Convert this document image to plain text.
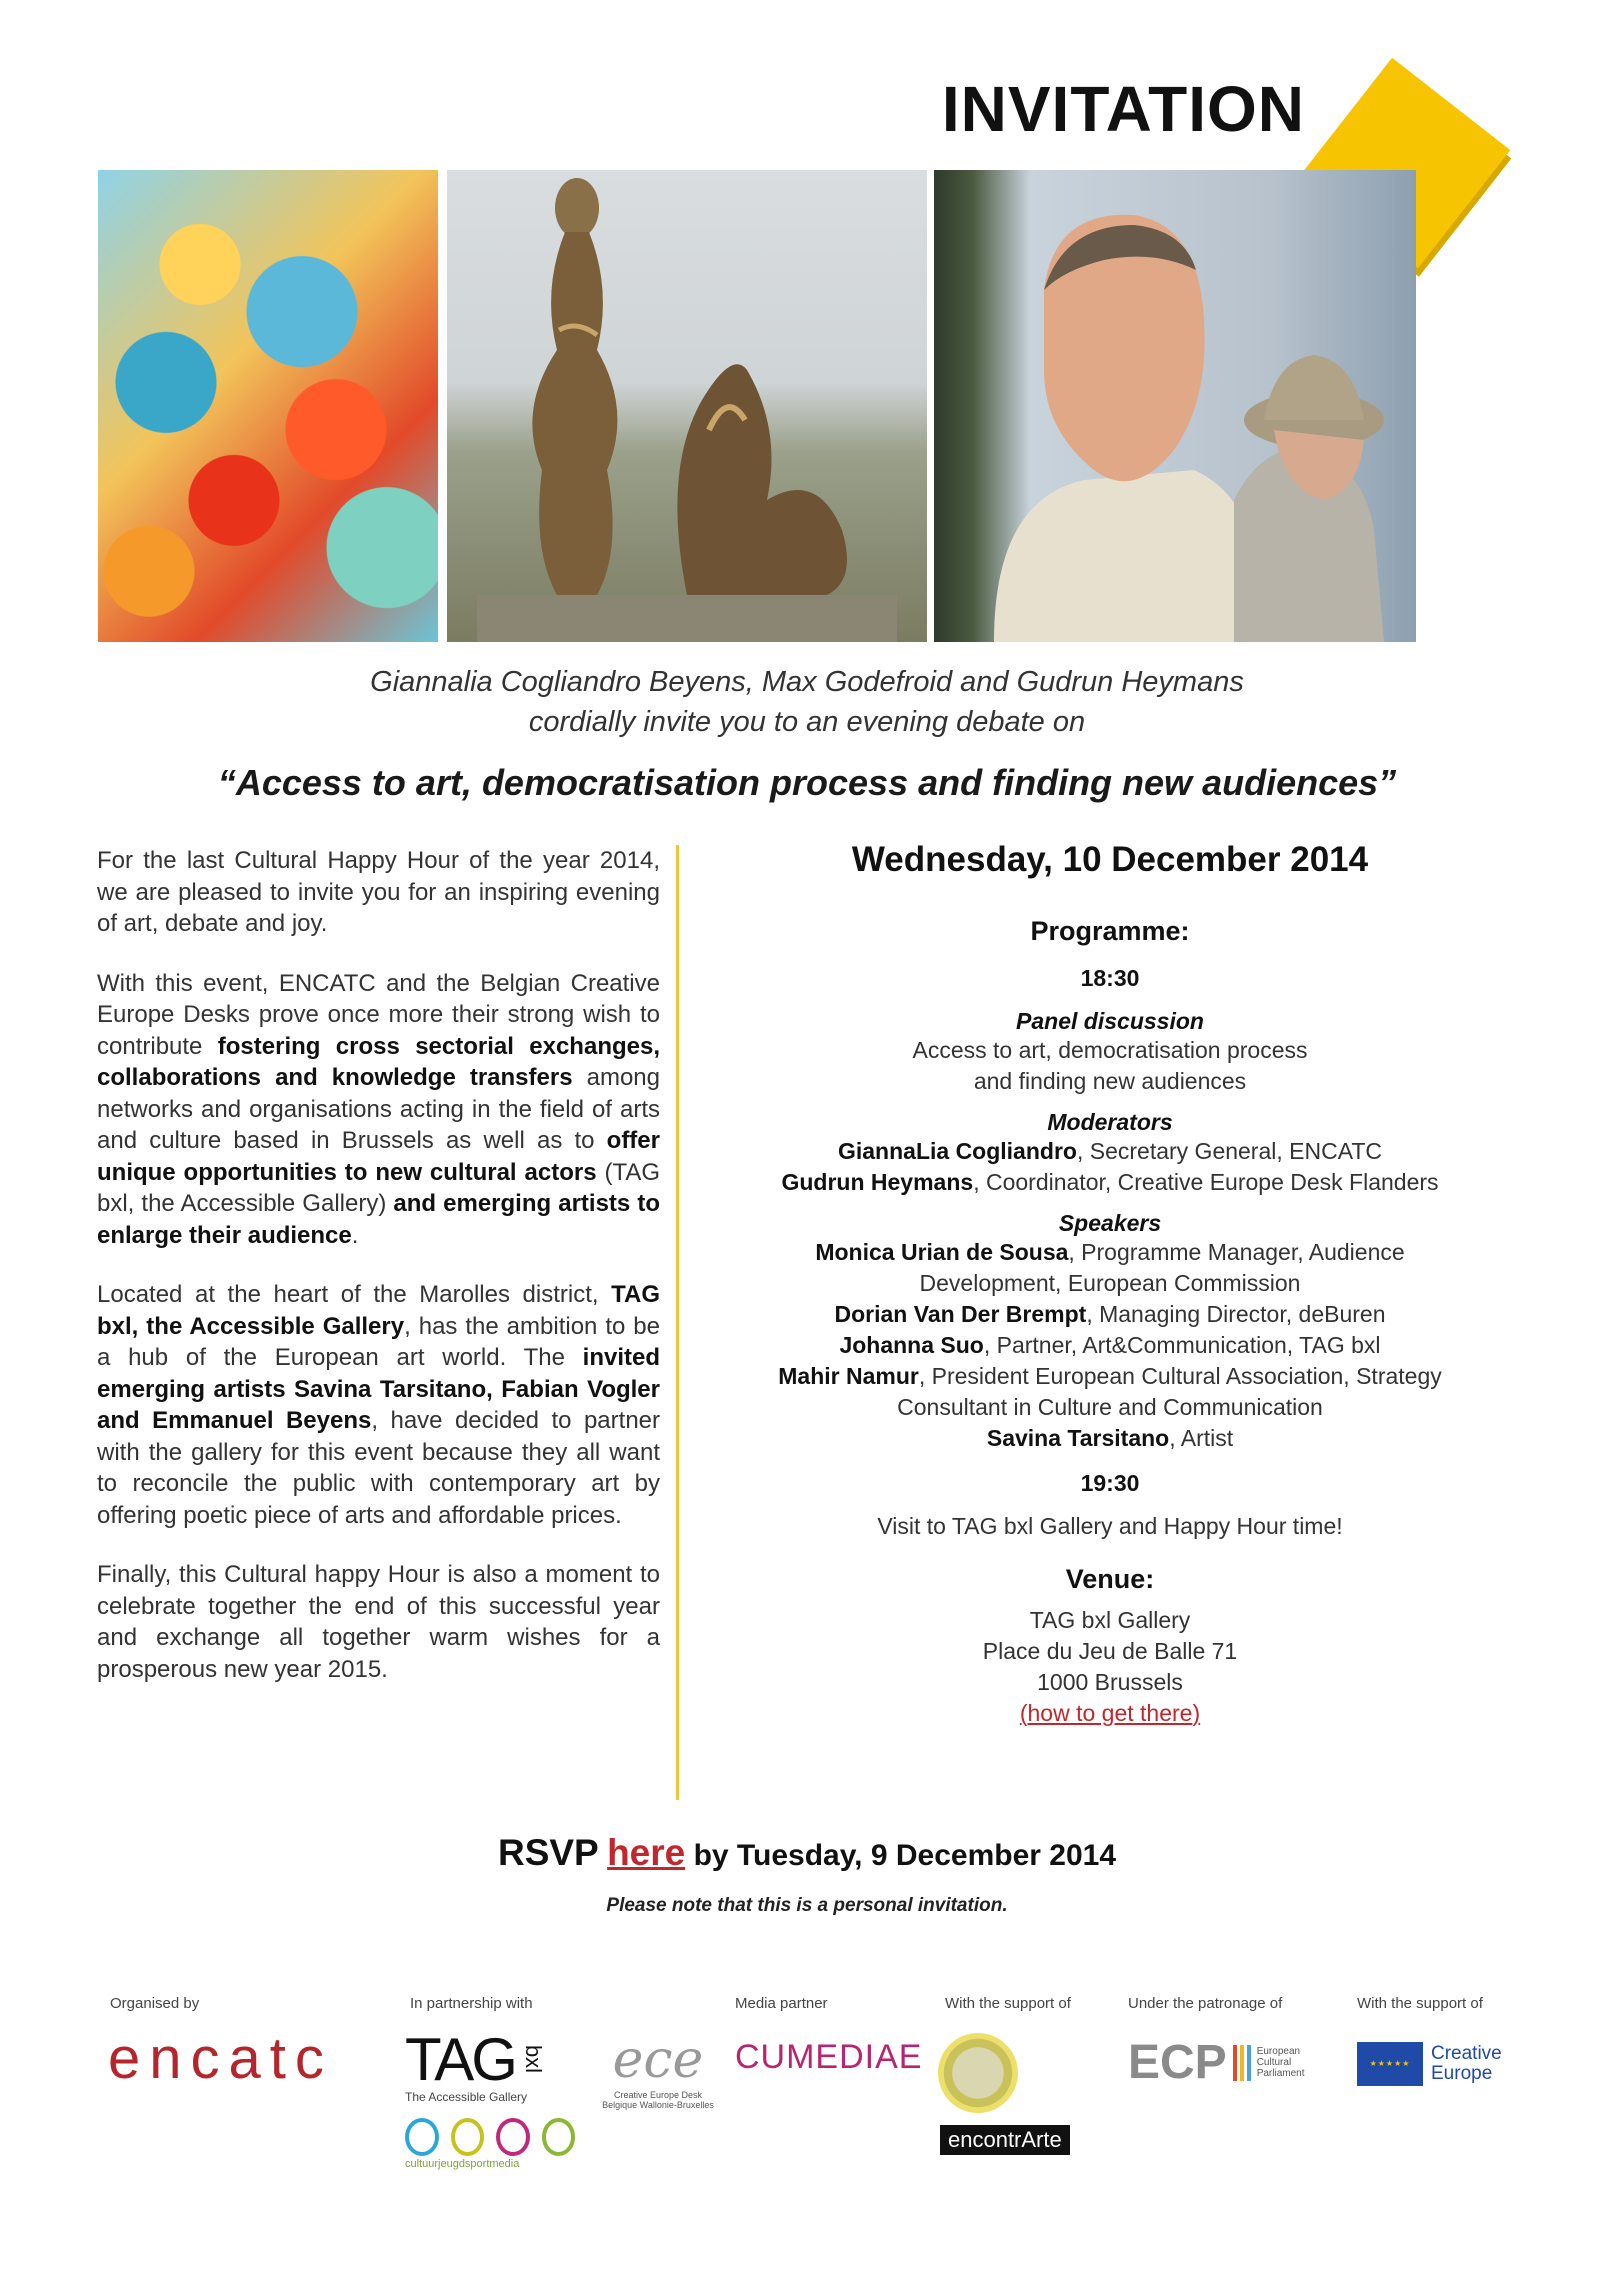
INVITATION
Giannalia Cogliandro Beyens, Max Godefroid and Gudrun Heymans
cordially invite you to an evening debate on
“Access to art, democratisation process and finding new audiences”

For the last Cultural Happy Hour of the year 2014, we are pleased to invite you for an inspiring evening of art, debate and joy.

With this event, ENCATC and the Belgian Creative Europe Desks prove once more their strong wish to contribute fostering cross sectorial exchanges, collaborations and knowledge transfers among networks and organisations acting in the field of arts and culture based in Brussels as well as to offer unique opportunities to new cultural actors (TAG bxl, the Accessible Gallery) and emerging artists to enlarge their audience.

Located at the heart of the Marolles district, TAG bxl, the Accessible Gallery, has the ambition to be a hub of the European art world. The invited emerging artists Savina Tarsitano, Fabian Vogler and Emmanuel Beyens, have decided to partner with the gallery for this event because they all want to reconcile the public with contemporary art by offering poetic piece of arts and affordable prices.

Finally, this Cultural happy Hour is also a moment to celebrate together the end of this successful year and exchange all together warm wishes for a prosperous new year 2015.

Wednesday, 10 December 2014
Programme:
18:30
Panel discussion
Access to art, democratisation process
and finding new audiences
Moderators
GiannaLia Cogliandro, Secretary General, ENCATC
Gudrun Heymans, Coordinator, Creative Europe Desk Flanders
Speakers
Monica Urian de Sousa, Programme Manager, Audience
Development, European Commission
Dorian Van Der Brempt, Managing Director, deBuren
Johanna Suo, Partner, Art&Communication, TAG bxl
Mahir Namur, President European Cultural Association, Strategy
Consultant in Culture and Communication
Savina Tarsitano, Artist
19:30
Visit to TAG bxl Gallery and Happy Hour time!
Venue:
TAG bxl Gallery
Place du Jeu de Balle 71
1000 Brussels
(how to get there)
RSVP here by Tuesday, 9 December 2014
Please note that this is a personal invitation.
Organised by	In partnership with	Media partner	With the support of	Under the patronage of	With the support of
encatc TAG bxl
The Accessible Gallery
cultuurjeugdsportmedia
ece
Creative Europe Desk
Belgique Wallonie-Bruxelles
CUMEDIAE
encontrArte
ECP	European
Cultural
Parliament
★★★★★	Creative
Europe
